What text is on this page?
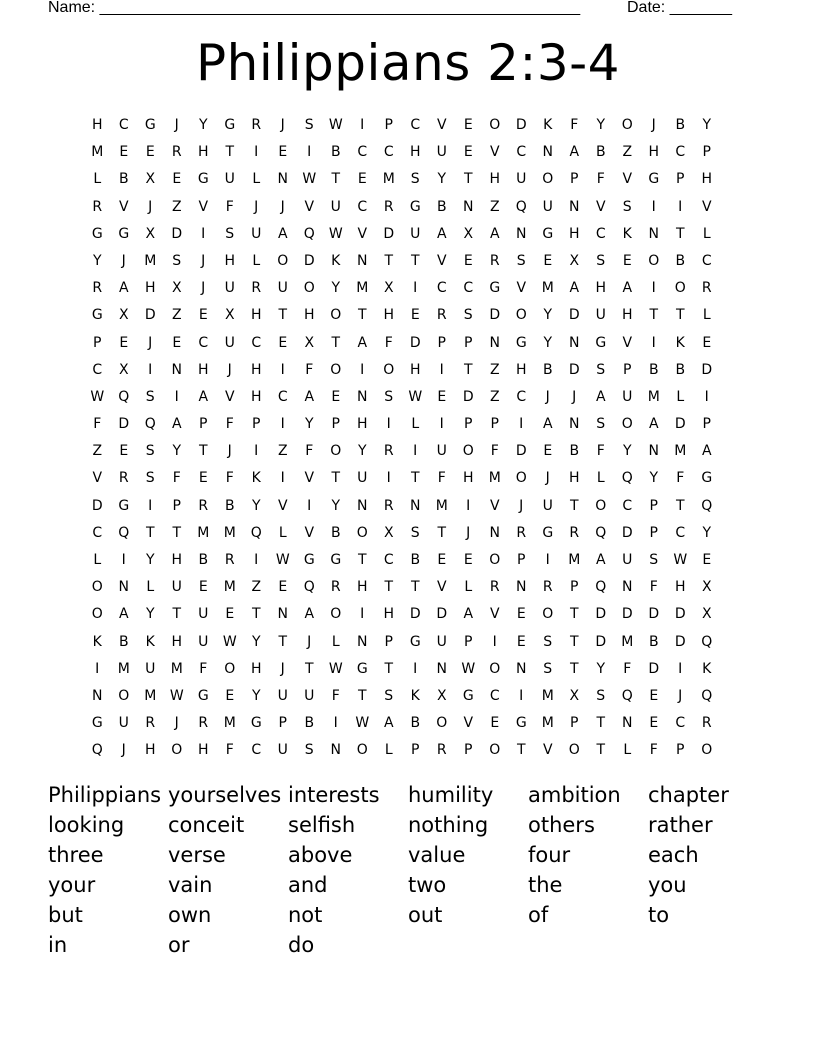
Name: ______________________________________________________	Date: _______
Philippians 2:3-4
H	C	G	J	Y	G	R	J	S	W	I	P	C	V	E	O	D	K	F	Y	O	J	B	Y
M	E	E	R	H	T	I	E	I	B	C	C	H	U	E	V	C	N	A	B	Z	H	C	P
L	B	X	E	G	U	L	N	W	T	E	M	S	Y	T	H	U	O	P	F	V	G	P	H
R	V	J	Z	V	F	J	J	V	U	C	R	G	B	N	Z	Q	U	N	V	S	I	I	V
G	G	X	D	I	S	U	A	Q	W	V	D	U	A	X	A	N	G	H	C	K	N	T	L
Y	J	M	S	J	H	L	O	D	K	N	T	T	V	E	R	S	E	X	S	E	O	B	C
R	A	H	X	J	U	R	U	O	Y	M	X	I	C	C	G	V	M	A	H	A	I	O	R
G	X	D	Z	E	X	H	T	H	O	T	H	E	R	S	D	O	Y	D	U	H	T	T	L
P	E	J	E	C	U	C	E	X	T	A	F	D	P	P	N	G	Y	N	G	V	I	K	E
C	X	I	N	H	J	H	I	F	O	I	O	H	I	T	Z	H	B	D	S	P	B	B	D
W	Q	S	I	A	V	H	C	A	E	N	S	W	E	D	Z	C	J	J	A	U	M	L	I
F	D	Q	A	P	F	P	I	Y	P	H	I	L	I	P	P	I	A	N	S	O	A	D	P
Z	E	S	Y	T	J	I	Z	F	O	Y	R	I	U	O	F	D	E	B	F	Y	N	M	A
V	R	S	F	E	F	K	I	V	T	U	I	T	F	H	M	O	J	H	L	Q	Y	F	G
D	G	I	P	R	B	Y	V	I	Y	N	R	N	M	I	V	J	U	T	O	C	P	T	Q
C	Q	T	T	M	M	Q	L	V	B	O	X	S	T	J	N	R	G	R	Q	D	P	C	Y
L	I	Y	H	B	R	I	W	G	G	T	C	B	E	E	O	P	I	M	A	U	S	W	E
O	N	L	U	E	M	Z	E	Q	R	H	T	T	V	L	R	N	R	P	Q	N	F	H	X
O	A	Y	T	U	E	T	N	A	O	I	H	D	D	A	V	E	O	T	D	D	D	D	X
K	B	K	H	U	W	Y	T	J	L	N	P	G	U	P	I	E	S	T	D	M	B	D	Q
I	M	U	M	F	O	H	J	T	W	G	T	I	N	W	O	N	S	T	Y	F	D	I	K
N	O	M W	G	E	Y	U	U	F	T	S	K	X	G	C	I	M	X	S	Q	E	J	Q
G	U	R	J	R	M	G	P	B	I	W	A	B	O	V	E	G	M	P	T	N	E	C	R
Q	J	H	O	H	F	C	U	S	N	O	L	P	R	P	O	T	V	O	T	L	F	P	O
Philippians yourselves interests	humility	ambition	chapter
looking	conceit	selfish	nothing	others	rather
three	verse	above	value	four	each
your	vain	and	two	the	you
but	own	not	out	of	to
in	or	do
